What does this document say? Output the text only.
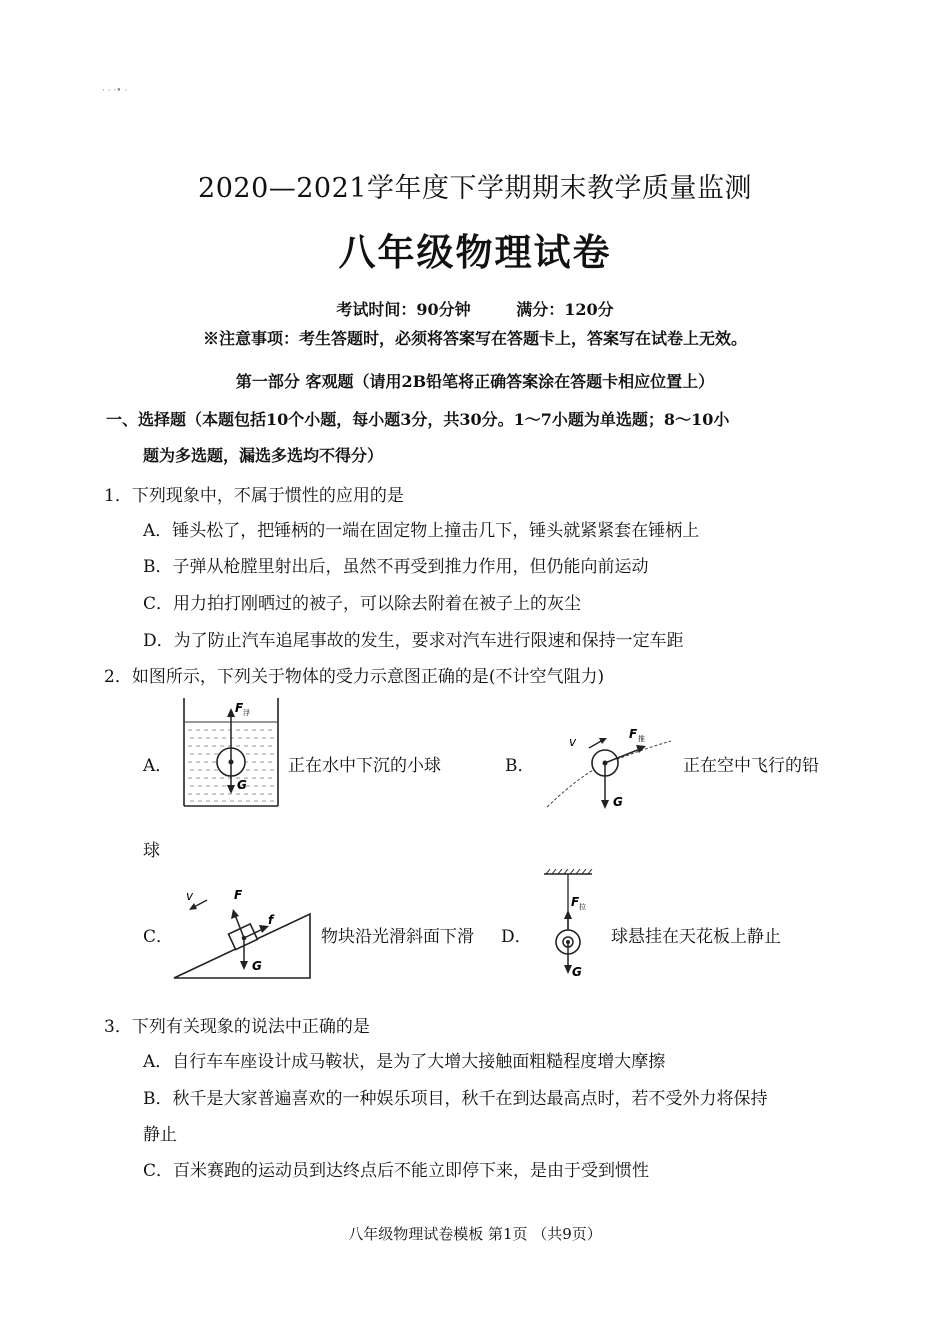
· · ·• ·
2020—2021学年度下学期期末教学质量监测
八年级物理试卷
考试时间：90分钟	满分：120分
※注意事项：考生答题时，必须将答案写在答题卡上，答案写在试卷上无效。
第一部分 客观题（请用2B铅笔将正确答案涂在答题卡相应位置上）
一、选择题（本题包括10个小题，每小题3分，共30分。1～7小题为单选题；8～10小
题为多选题，漏选多选均不得分）
1．下列现象中，不属于惯性的应用的是
A．锤头松了，把锤柄的一端在固定物上撞击几下，锤头就紧紧套在锤柄上
B．子弹从枪膛里射出后，虽然不再受到推力作用，但仍能向前运动
C．用力拍打刚晒过的被子，可以除去附着在被子上的灰尘
D．为了防止汽车追尾事故的发生，要求对汽车进行限速和保持一定车距
2．如图所示，下列关于物体的受力示意图正确的是(不计空气阻力)
A．
F 浮
G
正在水中下沉的小球	B．
v
F 推
G
正在空中飞行的铅
球
C．
v	F
f
G
物块沿光滑斜面下滑 D．
F 拉
G
球悬挂在天花板上静止
3．下列有关现象的说法中正确的是
A．自行车车座设计成马鞍状，是为了大增大接触面粗糙程度增大摩擦
B．秋千是大家普遍喜欢的一种娱乐项目，秋千在到达最高点时，若不受外力将保持
静止
C．百米赛跑的运动员到达终点后不能立即停下来，是由于受到惯性
八年级物理试卷模板 第1页 （共9页）
